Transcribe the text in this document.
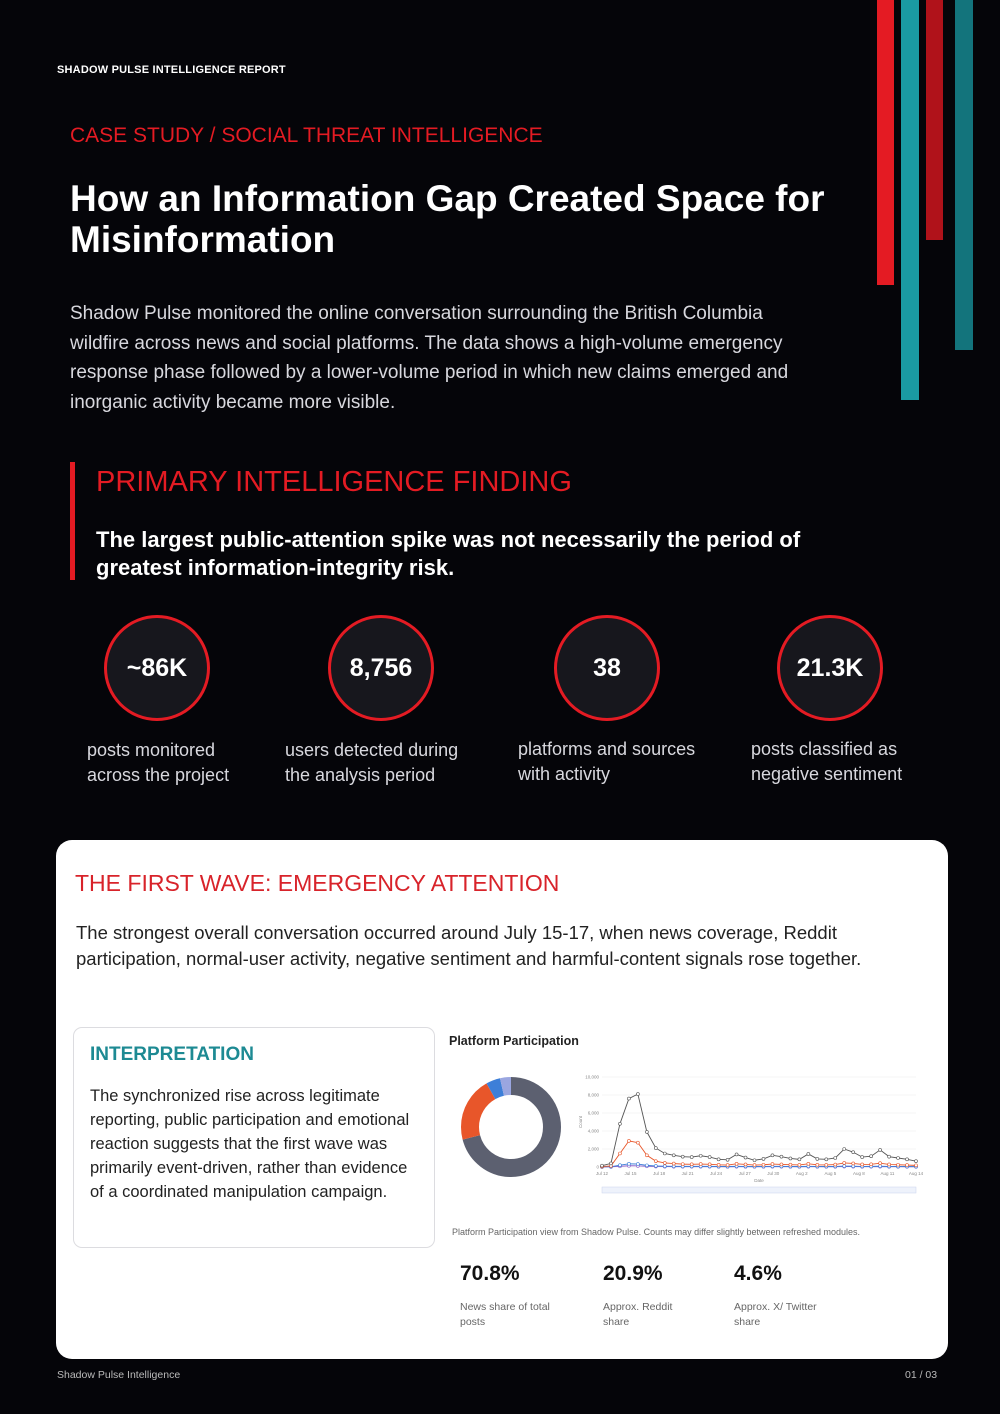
SHADOW PULSE INTELLIGENCE REPORT
CASE STUDY / SOCIAL THREAT INTELLIGENCE
How an Information Gap Created Space for Misinformation
Shadow Pulse monitored the online conversation surrounding the British Columbia wildfire across news and social platforms. The data shows a high-volume emergency response phase followed by a lower-volume period in which new claims emerged and inorganic activity became more visible.
PRIMARY INTELLIGENCE FINDING
The largest public-attention spike was not necessarily the period of greatest information-integrity risk.
~86K
posts monitored
across the project
8,756
users detected during
the analysis period
38
platforms and sources
with activity
21.3K
posts classified as
negative sentiment
THE FIRST WAVE: EMERGENCY ATTENTION
The strongest overall conversation occurred around July 15-17, when news coverage, Reddit participation, normal-user activity, negative sentiment and harmful-content signals rose together.
INTERPRETATION
The synchronized rise across legitimate reporting, public participation and emotional reaction suggests that the first wave was primarily event-driven, rather than evidence of a coordinated manipulation campaign.
Platform Participation
0
2,000
4,000
6,000
8,000
10,000
Jul 12	Jul 15	Jul 18	Jul 21	Jul 24	Jul 27	Jul 30	Aug 2	Aug 5	Aug 8	Aug 11	Aug 14
Date
Count
Platform Participation view from Shadow Pulse. Counts may differ slightly between refreshed modules.
70.8%
News share of total
posts
20.9%
Approx. Reddit
share
4.6%
Approx. X/ Twitter
share
Shadow Pulse Intelligence	01 / 03
